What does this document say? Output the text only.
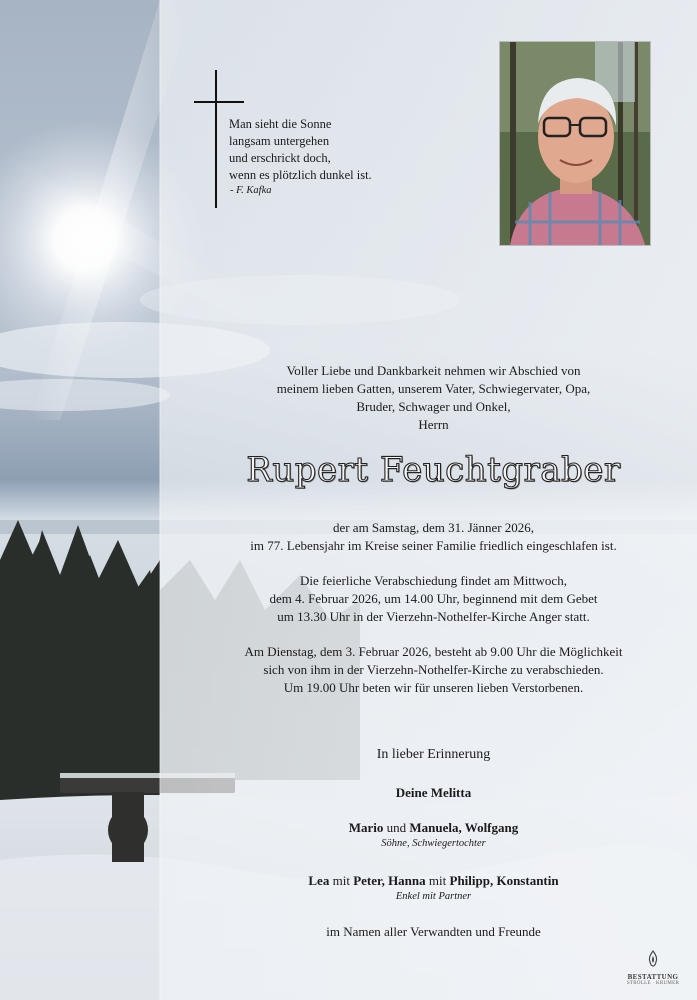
Man sieht die Sonne
langsam untergehen
und erschrickt doch,
wenn es plötzlich dunkel ist.
- F. Kafka
Voller Liebe und Dankbarkeit nehmen wir Abschied von
meinem lieben Gatten, unserem Vater, Schwiegervater, Opa,
Bruder, Schwager und Onkel,
Herrn
Rupert Feuchtgraber
der am Samstag, dem 31. Jänner 2026,
im 77. Lebensjahr im Kreise seiner Familie friedlich eingeschlafen ist.
Die feierliche Verabschiedung findet am Mittwoch,
dem 4. Februar 2026, um 14.00 Uhr, beginnend mit dem Gebet
um 13.30 Uhr in der Vierzehn-Nothelfer-Kirche Anger statt.
Am Dienstag, dem 3. Februar 2026, besteht ab 9.00 Uhr die Möglichkeit
sich von ihm in der Vierzehn-Nothelfer-Kirche zu verabschieden.
Um 19.00 Uhr beten wir für unseren lieben Verstorbenen.
In lieber Erinnerung
Deine Melitta
Mario und Manuela, Wolfgang
Söhne, Schwiegertochter
Lea mit Peter, Hanna mit Philipp, Konstantin
Enkel mit Partner
im Namen aller Verwandten und Freunde
BESTATTUNG
STRÖLLE · KRUMER
